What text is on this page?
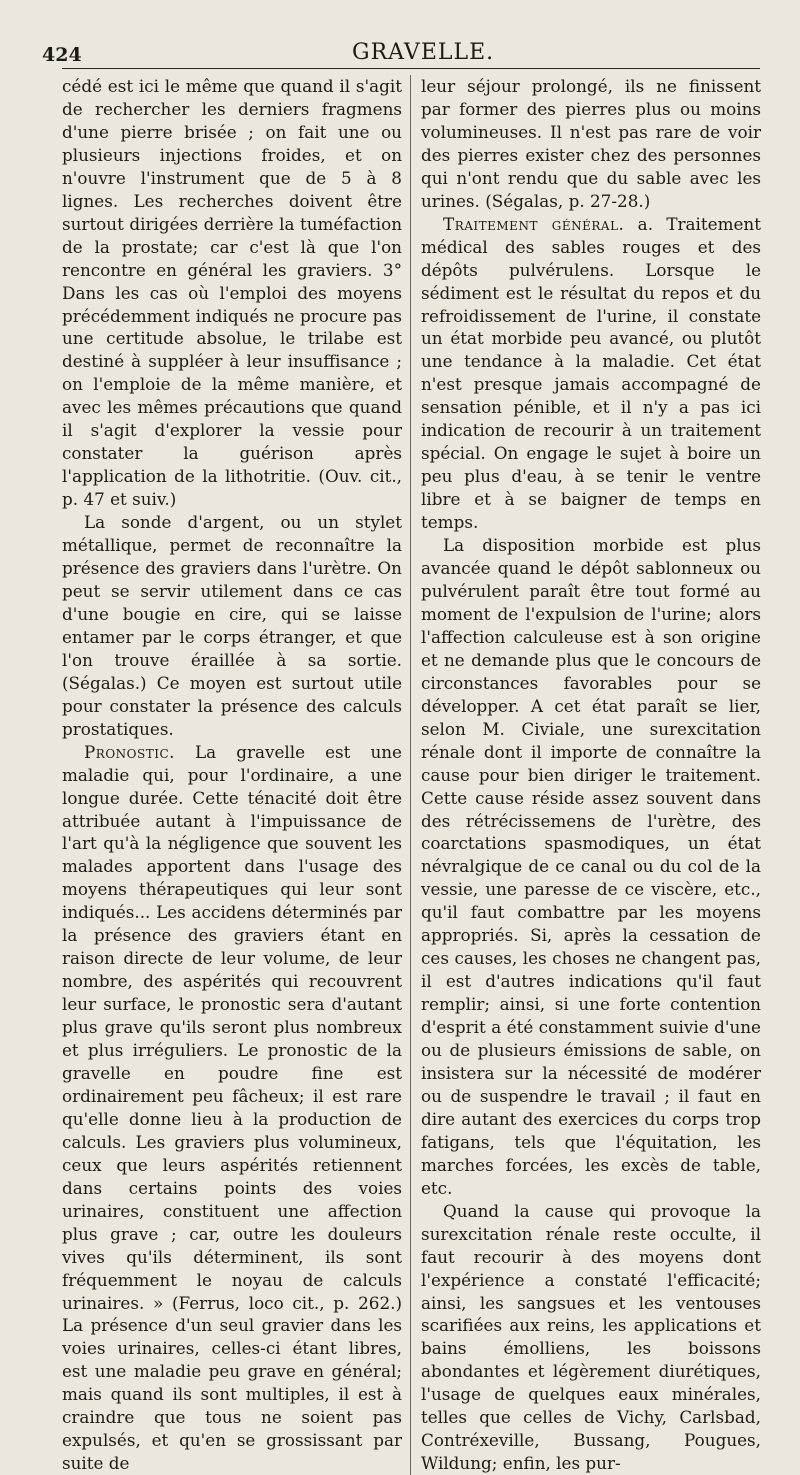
424	GRAVELLE.

cédé est ici le même que quand il s'agit de rechercher les derniers fragmens d'une pierre brisée ; on fait une ou plusieurs injections froides, et on n'ouvre l'instrument que de 5 à 8 lignes. Les recherches doivent être surtout dirigées derrière la tuméfaction de la prostate; car c'est là que l'on rencontre en général les graviers. 3° Dans les cas où l'emploi des moyens précédemment indiqués ne procure pas une certitude absolue, le trilabe est destiné à suppléer à leur insuffisance ; on l'emploie de la même manière, et avec les mêmes précautions que quand il s'agit d'explorer la vessie pour constater la guérison après l'application de la lithotritie. (Ouv. cit., p. 47 et suiv.)

La sonde d'argent, ou un stylet métallique, permet de reconnaître la présence des graviers dans l'urètre. On peut se servir utilement dans ce cas d'une bougie en cire, qui se laisse entamer par le corps étranger, et que l'on trouve éraillée à sa sortie. (Ségalas.) Ce moyen est surtout utile pour constater la présence des calculs prostatiques.

Pronostic. La gravelle est une maladie qui, pour l'ordinaire, a une longue durée. Cette ténacité doit être attribuée autant à l'impuissance de l'art qu'à la négligence que souvent les malades apportent dans l'usage des moyens thérapeutiques qui leur sont indiqués... Les accidens déterminés par la présence des graviers étant en raison directe de leur volume, de leur nombre, des aspérités qui recouvrent leur surface, le pronostic sera d'autant plus grave qu'ils seront plus nombreux et plus irréguliers. Le pronostic de la gravelle en poudre fine est ordinairement peu fâcheux; il est rare qu'elle donne lieu à la production de calculs. Les graviers plus volumineux, ceux que leurs aspérités retiennent dans certains points des voies urinaires, constituent une affection plus grave ; car, outre les douleurs vives qu'ils déterminent, ils sont fréquemment le noyau de calculs urinaires. » (Ferrus, loco cit., p. 262.) La présence d'un seul gravier dans les voies urinaires, celles-ci étant libres, est une maladie peu grave en général; mais quand ils sont multiples, il est à craindre que tous ne soient pas expulsés, et qu'en se grossissant par suite de

leur séjour prolongé, ils ne finissent par former des pierres plus ou moins volumineuses. Il n'est pas rare de voir des pierres exister chez des personnes qui n'ont rendu que du sable avec les urines. (Ségalas, p. 27-28.)

Traitement général. a. Traitement médical des sables rouges et des dépôts pulvérulens. Lorsque le sédiment est le résultat du repos et du refroidissement de l'urine, il constate un état morbide peu avancé, ou plutôt une tendance à la maladie. Cet état n'est presque jamais accompagné de sensation pénible, et il n'y a pas ici indication de recourir à un traitement spécial. On engage le sujet à boire un peu plus d'eau, à se tenir le ventre libre et à se baigner de temps en temps.

La disposition morbide est plus avancée quand le dépôt sablonneux ou pulvérulent paraît être tout formé au moment de l'expulsion de l'urine; alors l'affection calculeuse est à son origine et ne demande plus que le concours de circonstances favorables pour se développer. A cet état paraît se lier, selon M. Civiale, une surexcitation rénale dont il importe de connaître la cause pour bien diriger le traitement. Cette cause réside assez souvent dans des rétrécissemens de l'urètre, des coarctations spasmodiques, un état névralgique de ce canal ou du col de la vessie, une paresse de ce viscère, etc., qu'il faut combattre par les moyens appropriés. Si, après la cessation de ces causes, les choses ne changent pas, il est d'autres indications qu'il faut remplir; ainsi, si une forte contention d'esprit a été constamment suivie d'une ou de plusieurs émissions de sable, on insistera sur la nécessité de modérer ou de suspendre le travail ; il faut en dire autant des exercices du corps trop fatigans, tels que l'équitation, les marches forcées, les excès de table, etc.

Quand la cause qui provoque la surexcitation rénale reste occulte, il faut recourir à des moyens dont l'expérience a constaté l'efficacité; ainsi, les sangsues et les ventouses scarifiées aux reins, les applications et bains émolliens, les boissons abondantes et légèrement diurétiques, l'usage de quelques eaux minérales, telles que celles de Vichy, Carlsbad, Contréxeville, Bussang, Pougues, Wildung; enfin, les pur-
